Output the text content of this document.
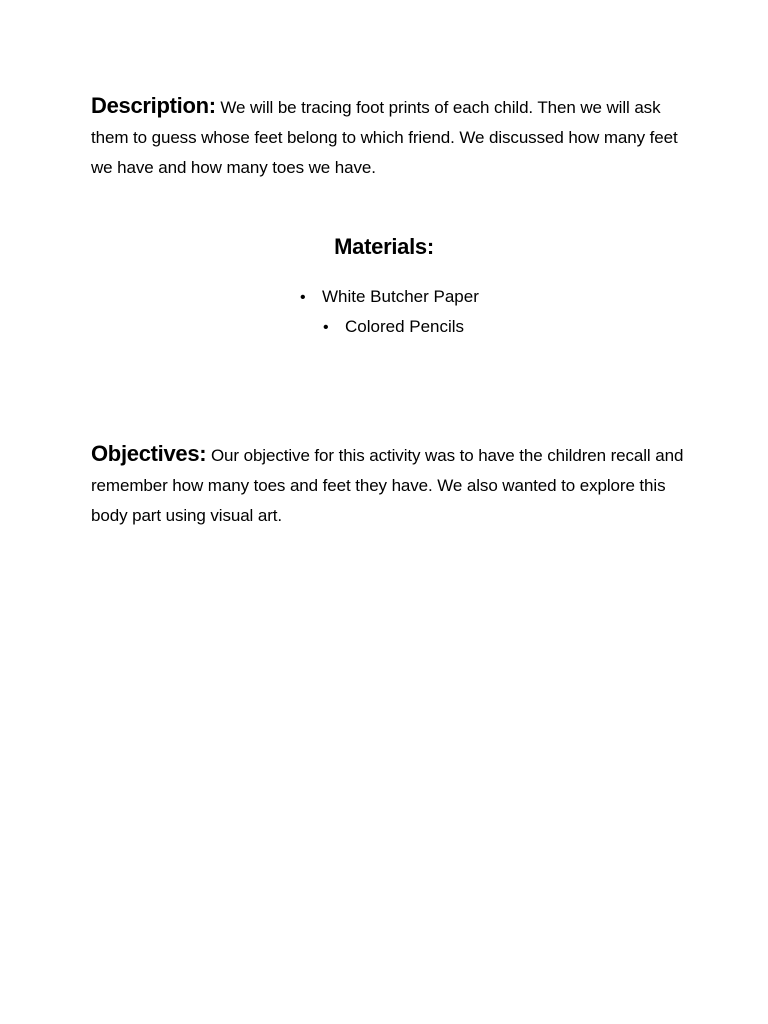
Description: We will be tracing foot prints of each child. Then we will ask them to guess whose feet belong to which friend. We discussed how many feet we have and how many toes we have.
Materials:
• White Butcher Paper
• Colored Pencils
Objectives: Our objective for this activity was to have the children recall and remember how many toes and feet they have. We also wanted to explore this body part using visual art.
